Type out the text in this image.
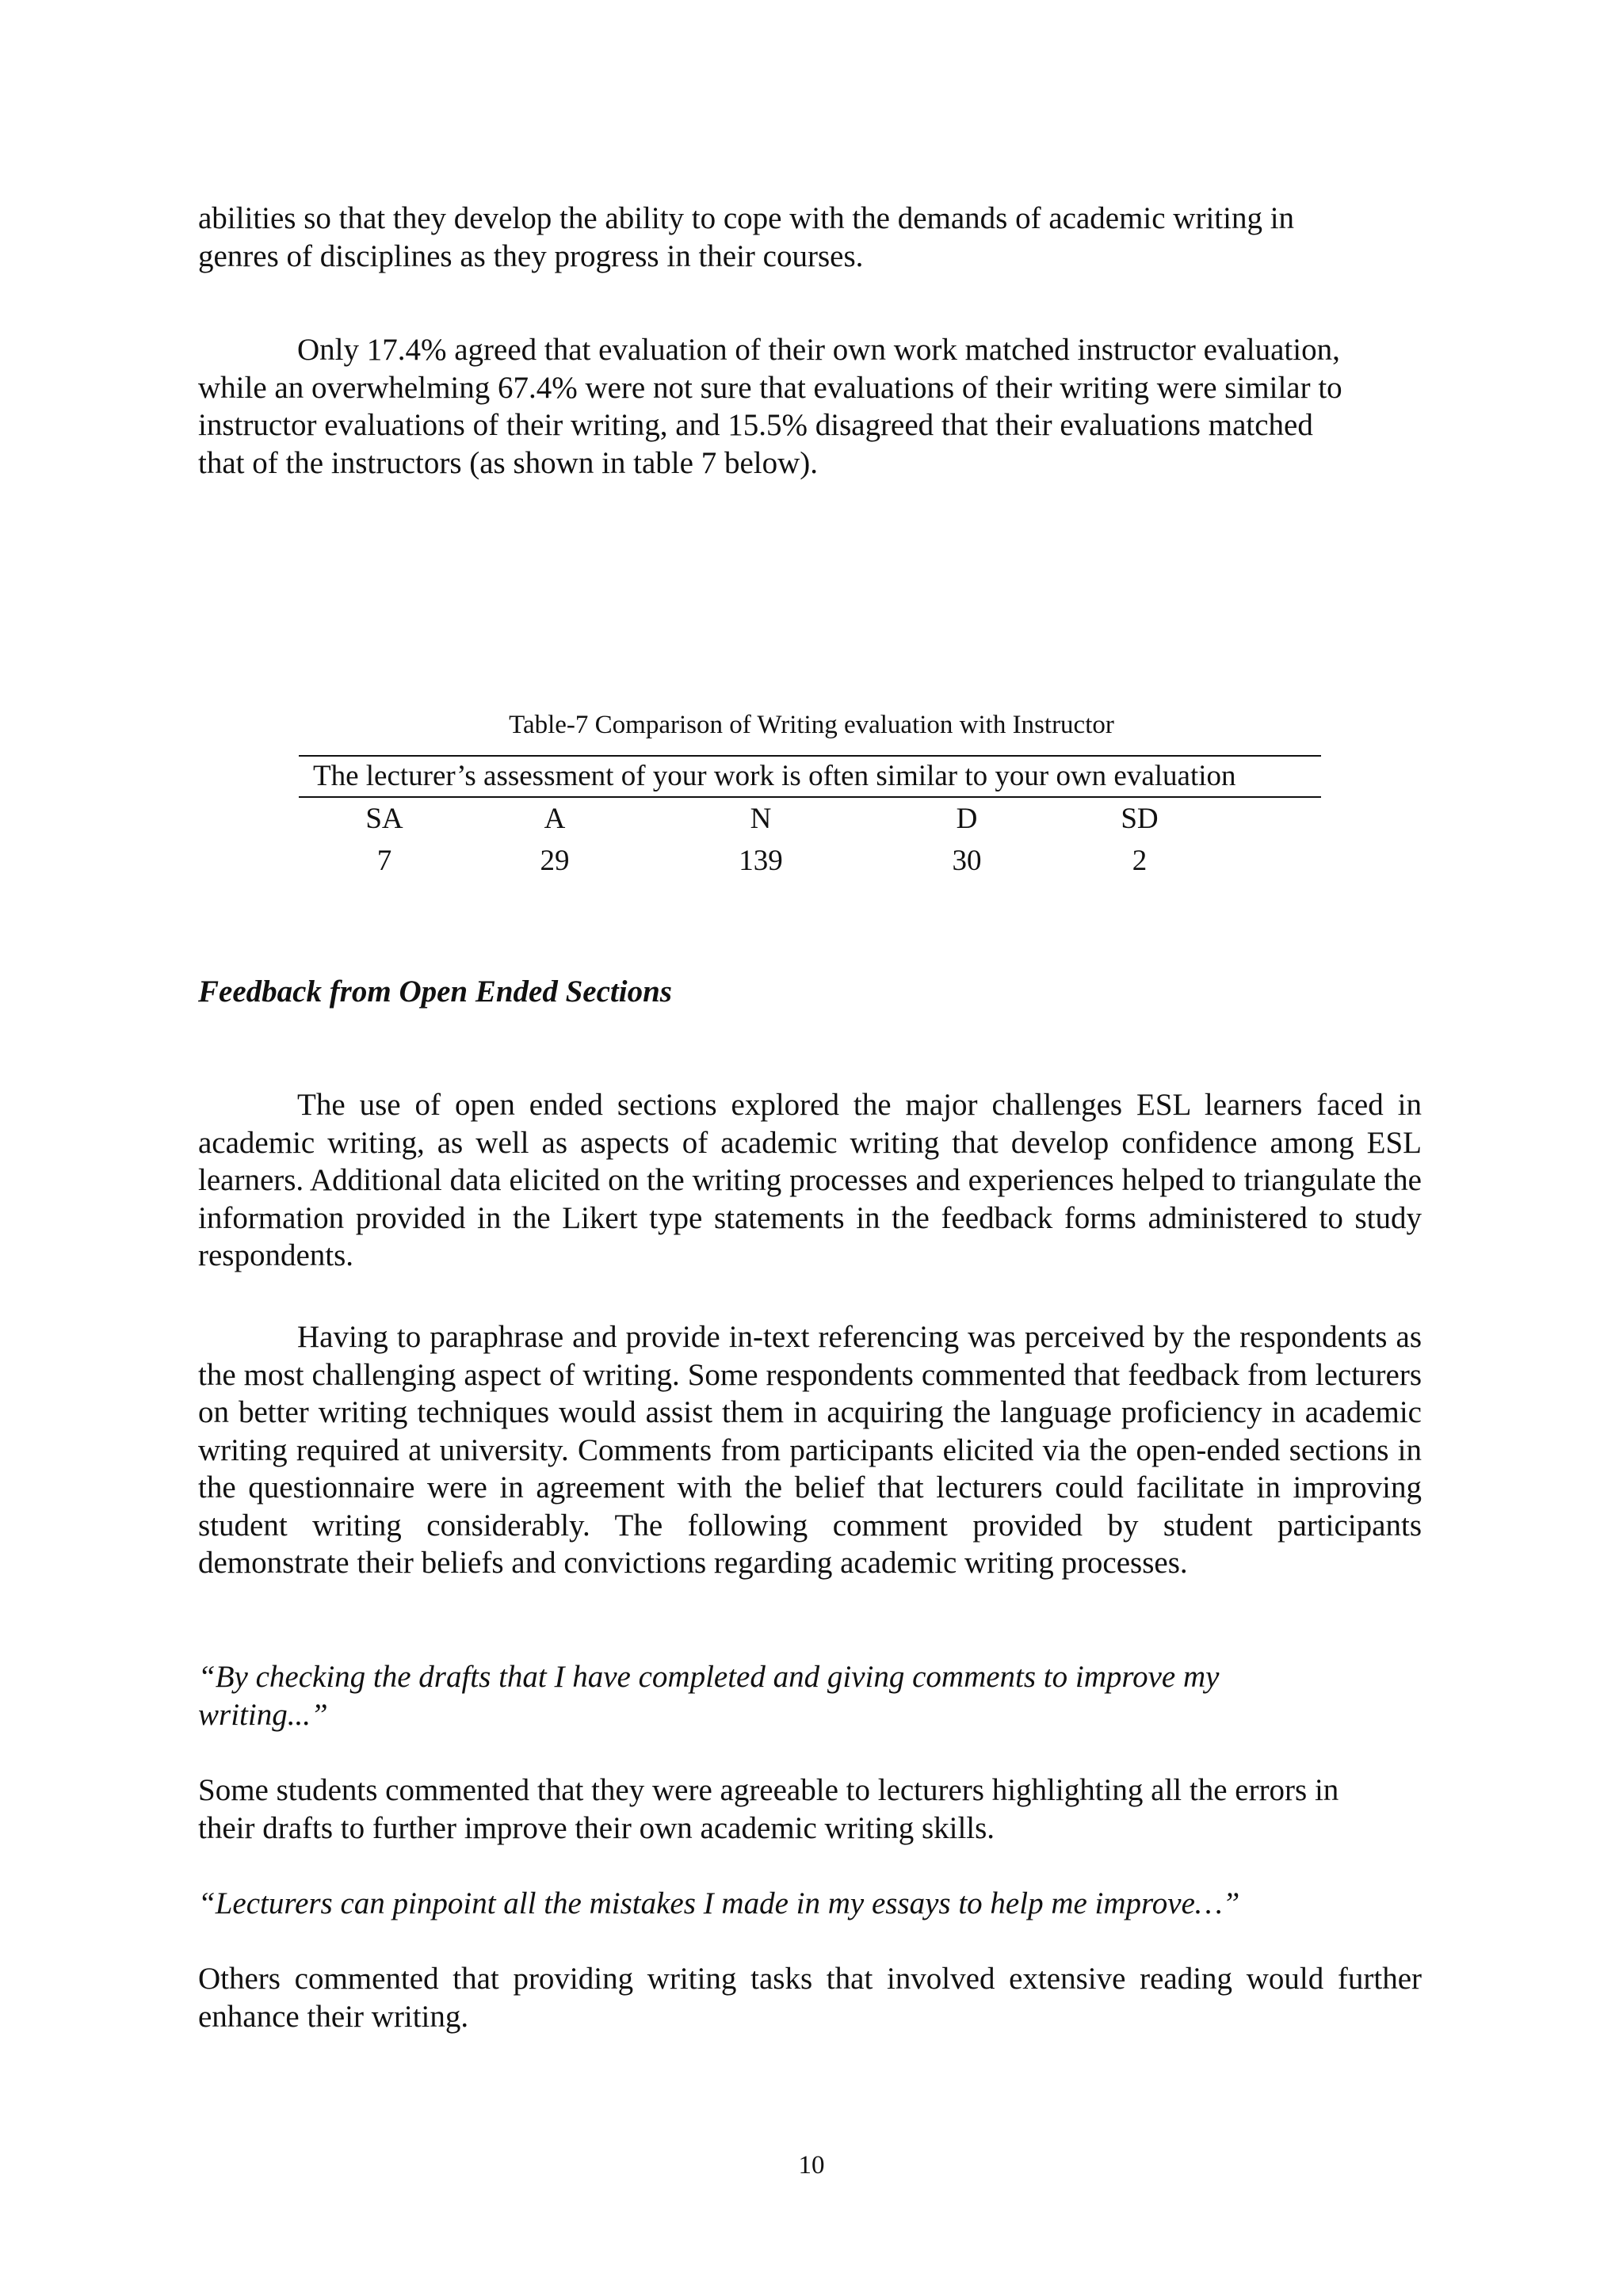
abilities so that they develop the ability to cope with the demands of academic writing in
genres of disciplines as they progress in their courses.

Only 17.4% agreed that evaluation of their own work matched instructor evaluation,
while an overwhelming 67.4% were not sure that evaluations of their writing were similar to
instructor evaluations of their writing, and 15.5% disagreed that their evaluations matched
that of the instructors (as shown in table 7 below).

Table-7 Comparison of Writing evaluation with Instructor

The lecturer’s assessment of your work is often similar to your own evaluation
SA	A	N	D	SD
7	29	139	30	2
Feedback from Open Ended Sections

The use of open ended sections explored the major challenges ESL learners faced in academic writing, as well as aspects of academic writing that develop confidence among ESL learners. Additional data elicited on the writing processes and experiences helped to triangulate the information provided in the Likert type statements in the feedback forms administered to study respondents.

Having to paraphrase and provide in-text referencing was perceived by the respondents as the most challenging aspect of writing. Some respondents commented that feedback from lecturers on better writing techniques would assist them in acquiring the language proficiency in academic writing required at university. Comments from participants elicited via the open-ended sections in the questionnaire were in agreement with the belief that lecturers could facilitate in improving student writing considerably. The following comment provided by student participants demonstrate their beliefs and convictions regarding academic writing processes.

“By checking the drafts that I have completed and giving comments to improve my
writing...”

Some students commented that they were agreeable to lecturers highlighting all the errors in
their drafts to further improve their own academic writing skills.

“Lecturers can pinpoint all the mistakes I made in my essays to help me improve…”

Others commented that providing writing tasks that involved extensive reading would further enhance their writing.

10
